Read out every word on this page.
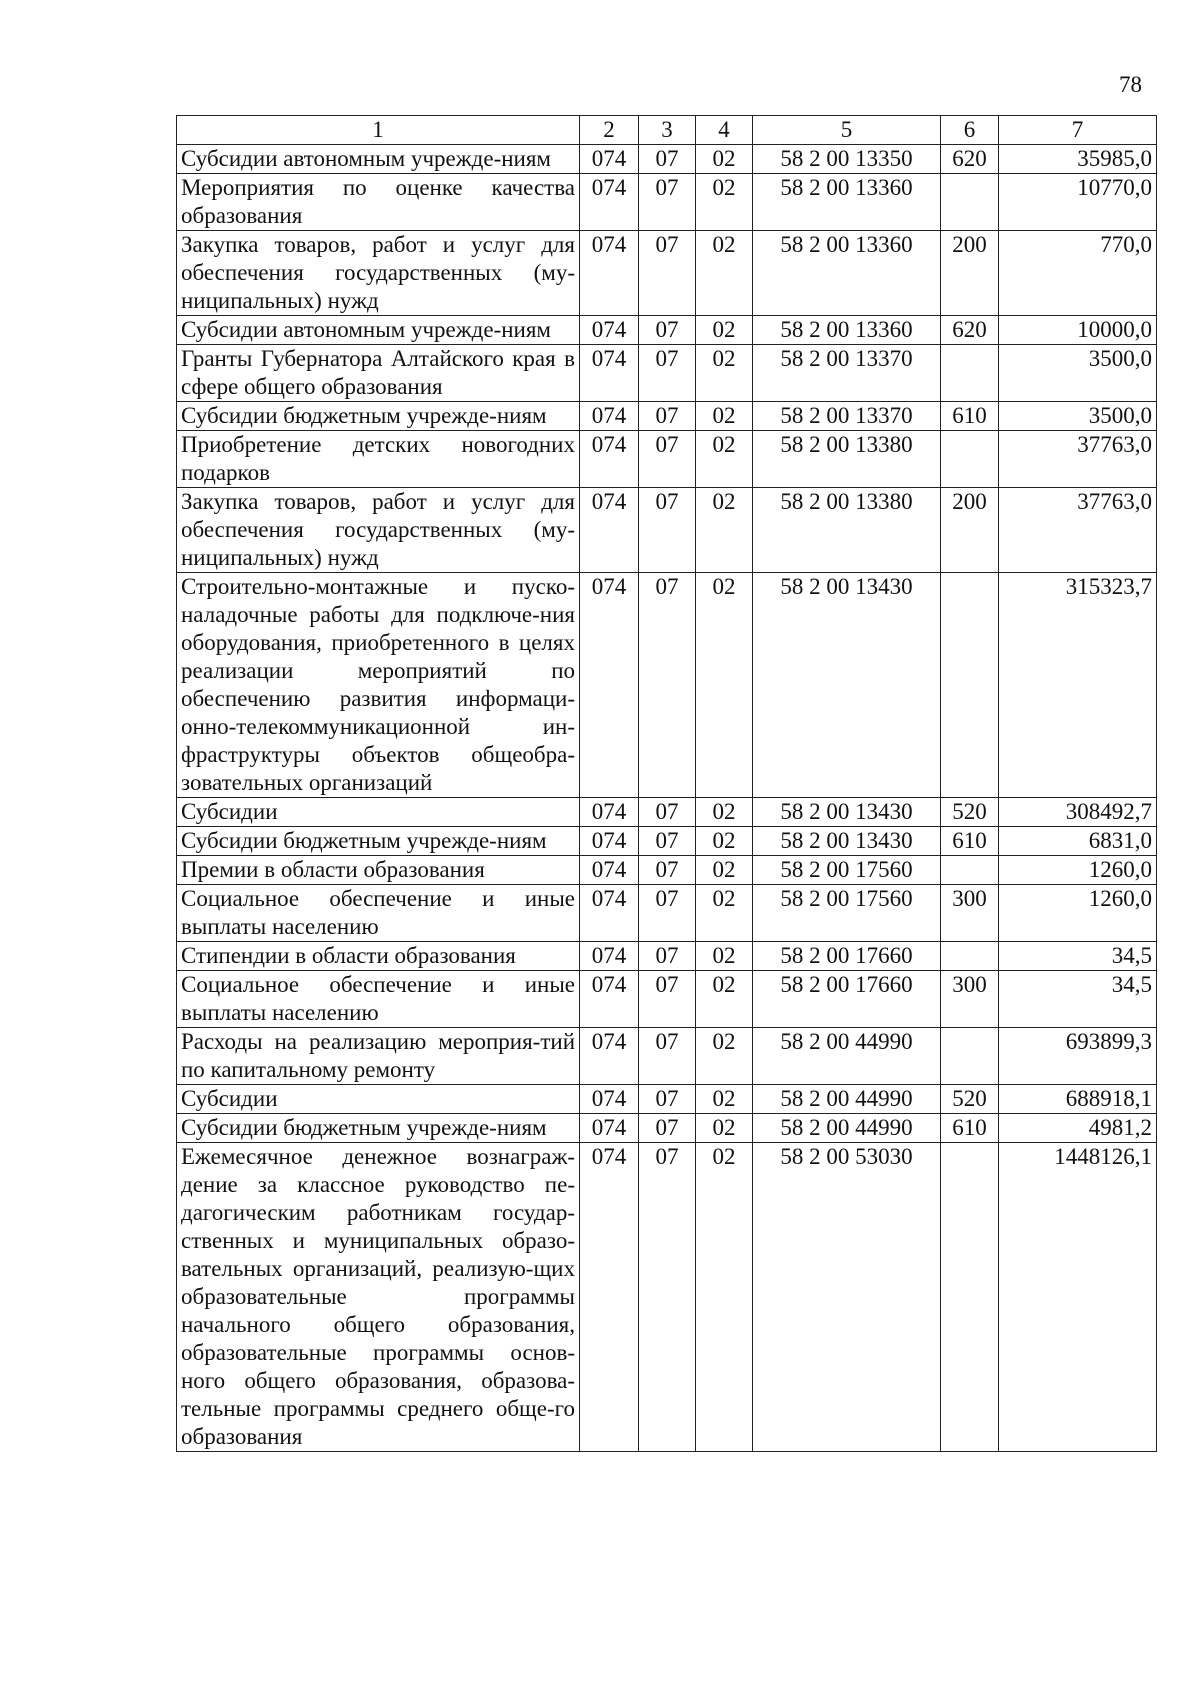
78
1	2	3	4	5	6	7
Субсидии автономным учрежде-ниям	074	07	02	58 2 00 13350	620	35985,0
Мероприятия по оценке качества образования	074	07	02	58 2 00 13360		10770,0
Закупка товаров, работ и услуг для обеспечения государственных (му-ниципальных) нужд	074	07	02	58 2 00 13360	200	770,0
Субсидии автономным учрежде-ниям	074	07	02	58 2 00 13360	620	10000,0
Гранты Губернатора Алтайского края в сфере общего образования	074	07	02	58 2 00 13370		3500,0
Субсидии бюджетным учрежде-ниям	074	07	02	58 2 00 13370	610	3500,0
Приобретение детских новогодних подарков	074	07	02	58 2 00 13380		37763,0
Закупка товаров, работ и услуг для обеспечения государственных (му-ниципальных) нужд	074	07	02	58 2 00 13380	200	37763,0
Строительно-монтажные и пуско-наладочные работы для подключе-ния оборудования, приобретенного в целях реализации мероприятий по обеспечению развития информаци-онно-телекоммуникационной ин-фраструктуры объектов общеобра-зовательных организаций	074	07	02	58 2 00 13430		315323,7
Субсидии	074	07	02	58 2 00 13430	520	308492,7
Субсидии бюджетным учрежде-ниям	074	07	02	58 2 00 13430	610	6831,0
Премии в области образования	074	07	02	58 2 00 17560		1260,0
Социальное обеспечение и иные выплаты населению	074	07	02	58 2 00 17560	300	1260,0
Стипендии в области образования	074	07	02	58 2 00 17660		34,5
Социальное обеспечение и иные выплаты населению	074	07	02	58 2 00 17660	300	34,5
Расходы на реализацию мероприя-тий по капитальному ремонту	074	07	02	58 2 00 44990		693899,3
Субсидии	074	07	02	58 2 00 44990	520	688918,1
Субсидии бюджетным учрежде-ниям	074	07	02	58 2 00 44990	610	4981,2
Ежемесячное денежное вознаграж-дение за классное руководство пе-дагогическим работникам государ-ственных и муниципальных образо-вательных организаций, реализую-щих образовательные программы начального общего образования, образовательные программы основ-ного общего образования, образова-тельные программы среднего обще-го образования	074	07	02	58 2 00 53030		1448126,1
